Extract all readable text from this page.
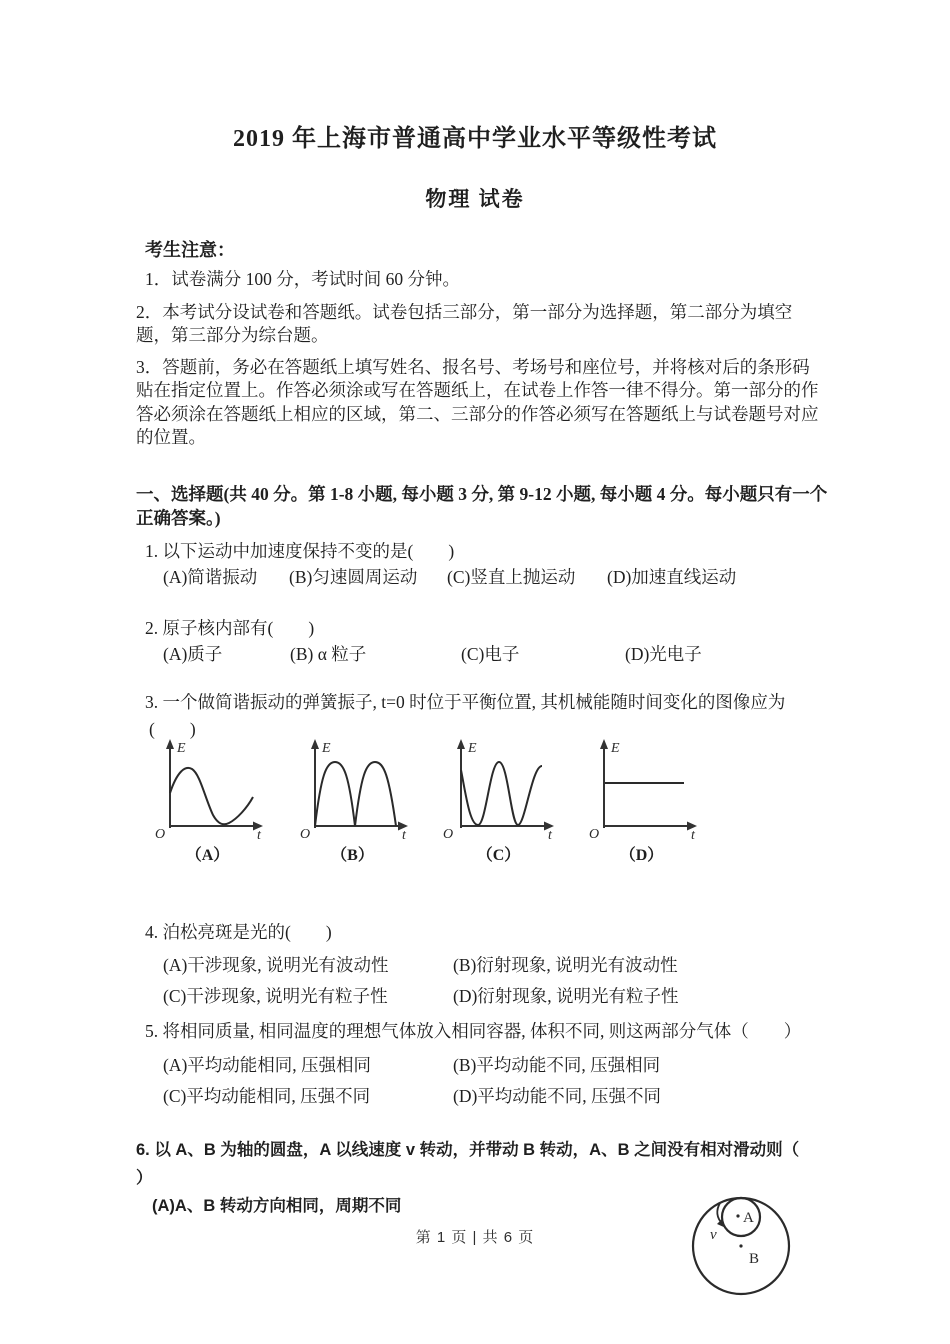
2019 年上海市普通高中学业水平等级性考试
物理 试卷
考生注意：
1．试卷满分 100 分，考试时间 60 分钟。
2．本考试分设试卷和答题纸。试卷包括三部分，第一部分为选择题，第二部分为填空题，第三部分为综台题。
3．答题前，务必在答题纸上填写姓名、报名号、考场号和座位号，并将核对后的条形码贴在指定位置上。作答必须涂或写在答题纸上，在试卷上作答一律不得分。第一部分的作答必须涂在答题纸上相应的区域，第二、三部分的作答必须写在答题纸上与试卷题号对应的位置。
一、选择题(共 40 分。第 1-8 小题, 每小题 3 分, 第 9-12 小题, 每小题 4 分。每小题只有一个正确答案。)
1. 以下运动中加速度保持不变的是(　　)
(A)简谐振动	(B)匀速圆周运动	(C)竖直上抛运动	(D)加速直线运动
2. 原子核内部有(　　)
(A)质子	(B) α 粒子	(C)电子	(D)光电子
3. 一个做简谐振动的弹簧振子, t=0 时位于平衡位置, 其机械能随时间变化的图像应为
(　　)
E
t
O
（A）
E
t
O
（B）
E
t
O
（C）
E
t
O
（D）
4. 泊松亮斑是光的(　　)
(A)干涉现象, 说明光有波动性	(B)衍射现象, 说明光有波动性
(C)干涉现象, 说明光有粒子性	(D)衍射现象, 说明光有粒子性
5. 将相同质量, 相同温度的理想气体放入相同容器, 体积不同, 则这两部分气体（　　）
(A)平均动能相同, 压强相同	(B)平均动能不同, 压强相同
(C)平均动能相同, 压强不同	(D)平均动能不同, 压强不同
6. 以 A、B 为轴的圆盘，A 以线速度 v 转动，并带动 B 转动，A、B 之间没有相对滑动则（
）
(A)A、B 转动方向相同，周期不同
A
B
v
第 1 页 | 共 6 页
